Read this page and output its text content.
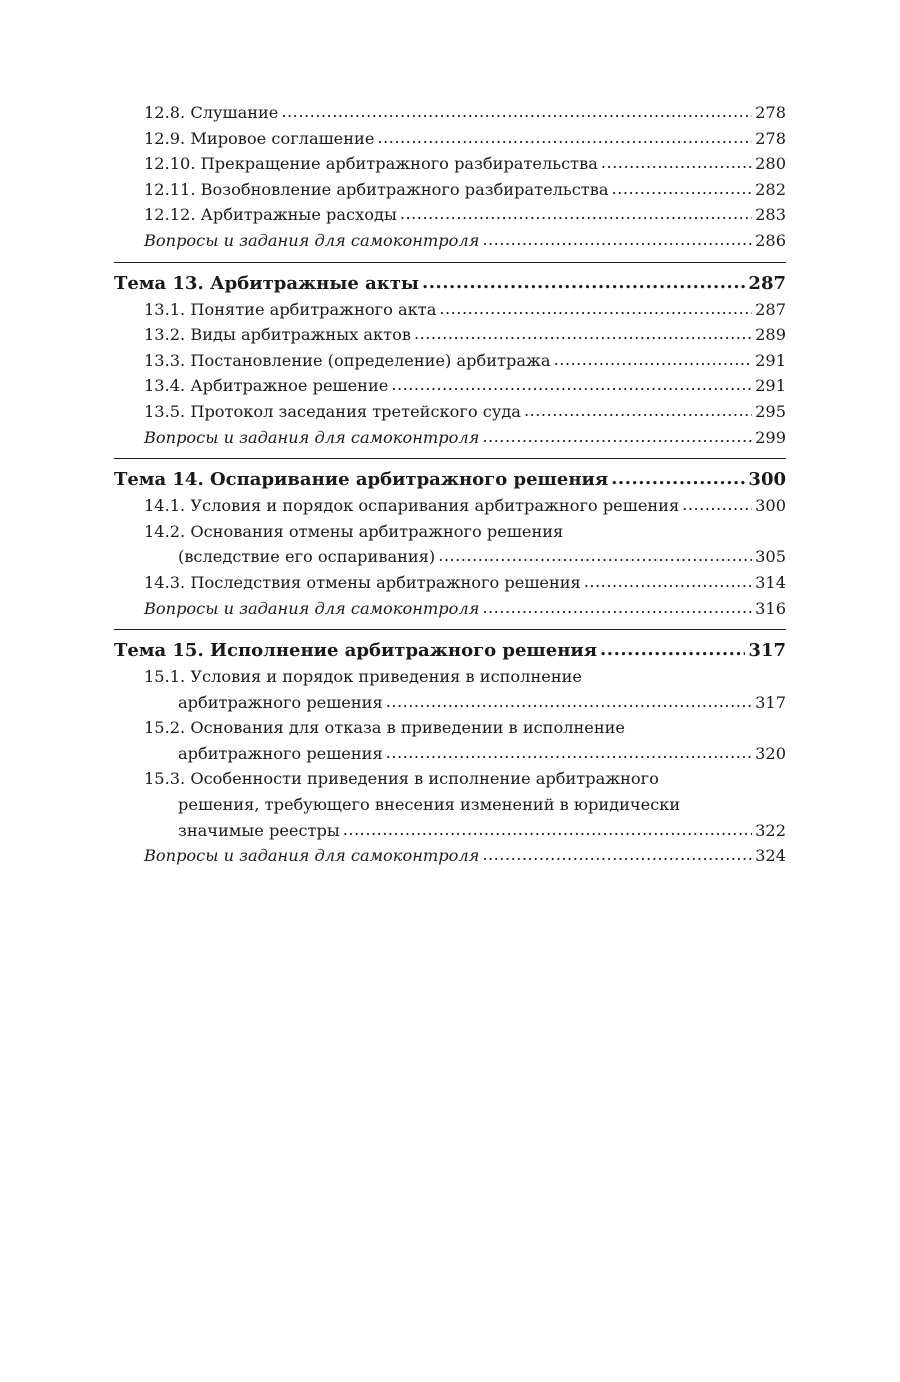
12.8. Слушание .....	278
12.9. Мировое соглашение .....	278
12.10. Прекращение арбитражного разбирательства .....	280
12.11. Возобновление арбитражного разбирательства .....	282
12.12. Арбитражные расходы .....	283
Вопросы и задания для самоконтроля .....	286
Тема 13. Арбитражные акты .....	287
13.1. Понятие арбитражного акта .....	287
13.2. Виды арбитражных актов .....	289
13.3. Постановление (определение) арбитража .....	291
13.4. Арбитражное решение .....	291
13.5. Протокол заседания третейского суда .....	295
Вопросы и задания для самоконтроля .....	299
Тема 14. Оспаривание арбитражного решения .....	300
14.1. Условия и порядок оспаривания арбитражного решения .....	300
14.2. Основания отмены арбитражного решения
(вследствие его оспаривания) .....	305
14.3. Последствия отмены арбитражного решения .....	314
Вопросы и задания для самоконтроля .....	316
Тема 15. Исполнение арбитражного решения .....	317
15.1. Условия и порядок приведения в исполнение
арбитражного решения .....	317
15.2. Основания для отказа в приведении в исполнение
арбитражного решения .....	320
15.3. Особенности приведения в исполнение арбитражного
решения, требующего внесения изменений в юридически
значимые реестры .....	322
Вопросы и задания для самоконтроля .....	324
